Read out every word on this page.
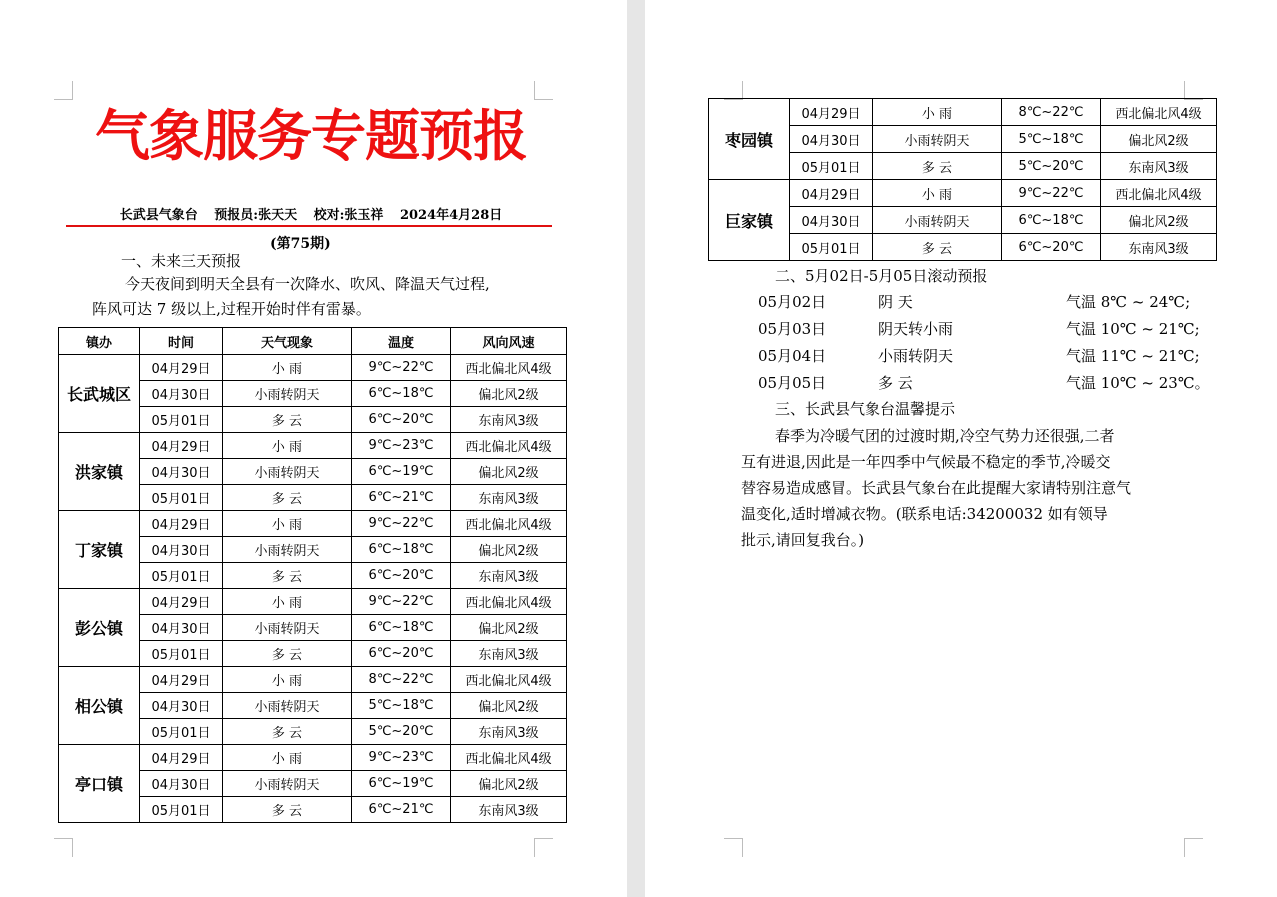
气象服务专题预报
长武县气象台 预报员:张天天 校对:张玉祥 2024年4月28日
(第75期)
一、未来三天预报
今天夜间到明天全县有一次降水、吹风、降温天气过程,
阵风可达 7 级以上,过程开始时伴有雷暴。
镇办	时间	天气现象	温度	风向风速
长武城区	04月29日	小 雨	9℃~22℃	西北偏北风4级
	04月30日	小雨转阴天	6℃~18℃	偏北风2级
	05月01日	多 云	6℃~20℃	东南风3级
洪家镇	04月29日	小 雨	9℃~23℃	西北偏北风4级
	04月30日	小雨转阴天	6℃~19℃	偏北风2级
	05月01日	多 云	6℃~21℃	东南风3级
丁家镇	04月29日	小 雨	9℃~22℃	西北偏北风4级
	04月30日	小雨转阴天	6℃~18℃	偏北风2级
	05月01日	多 云	6℃~20℃	东南风3级
彭公镇	04月29日	小 雨	9℃~22℃	西北偏北风4级
	04月30日	小雨转阴天	6℃~18℃	偏北风2级
	05月01日	多 云	6℃~20℃	东南风3级
相公镇	04月29日	小 雨	8℃~22℃	西北偏北风4级
	04月30日	小雨转阴天	5℃~18℃	偏北风2级
	05月01日	多 云	5℃~20℃	东南风3级
亭口镇	04月29日	小 雨	9℃~23℃	西北偏北风4级
	04月30日	小雨转阴天	6℃~19℃	偏北风2级
	05月01日	多 云	6℃~21℃	东南风3级
枣园镇	04月29日	小 雨	8℃~22℃	西北偏北风4级
	04月30日	小雨转阴天	5℃~18℃	偏北风2级
	05月01日	多 云	5℃~20℃	东南风3级
巨家镇	04月29日	小 雨	9℃~22℃	西北偏北风4级
	04月30日	小雨转阴天	6℃~18℃	偏北风2级
	05月01日	多 云	6℃~20℃	东南风3级
二、5月02日-5月05日滚动预报
05月02日	阴 天	气温 8℃ ~ 24℃;
05月03日	阴天转小雨	气温 10℃ ~ 21℃;
05月04日	小雨转阴天	气温 11℃ ~ 21℃;
05月05日	多 云	气温 10℃ ~ 23℃。
三、长武县气象台温馨提示
春季为冷暖气团的过渡时期,冷空气势力还很强,二者
互有进退,因此是一年四季中气候最不稳定的季节,冷暖交
替容易造成感冒。长武县气象台在此提醒大家请特别注意气
温变化,适时增减衣物。(联系电话:34200032 如有领导
批示,请回复我台。)
